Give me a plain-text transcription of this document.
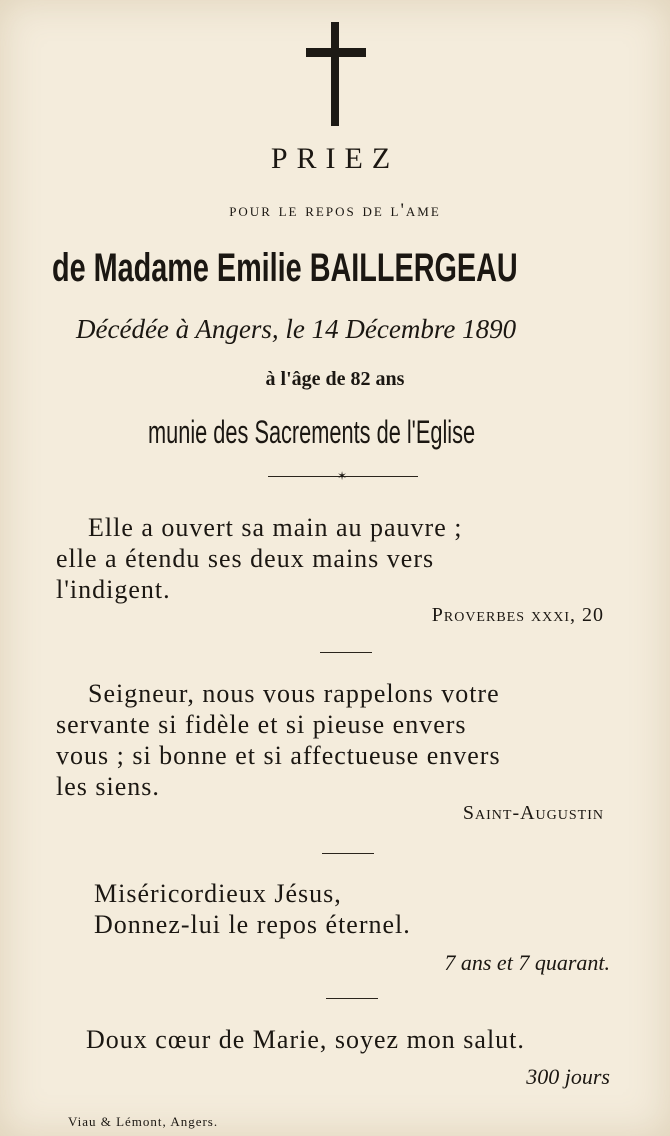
PRIEZ
pour le repos de l'ame
de Madame Emilie BAILLERGEAU
Décédée à Angers, le 14 Décembre 1890
à l'âge de 82 ans
munie des Sacrements de l'Eglise
✶
Elle a ouvert sa main au pauvre ;
elle a étendu ses deux mains vers
l'indigent.
Proverbes xxxi, 20
Seigneur, nous vous rappelons votre
servante si fidèle et si pieuse envers
vous ; si bonne et si affectueuse envers
les siens.
Saint-Augustin
Miséricordieux Jésus,
Donnez-lui le repos éternel.
7 ans et 7 quarant.
Doux cœur de Marie, soyez mon salut.
300 jours
Viau & Lémont, Angers.
